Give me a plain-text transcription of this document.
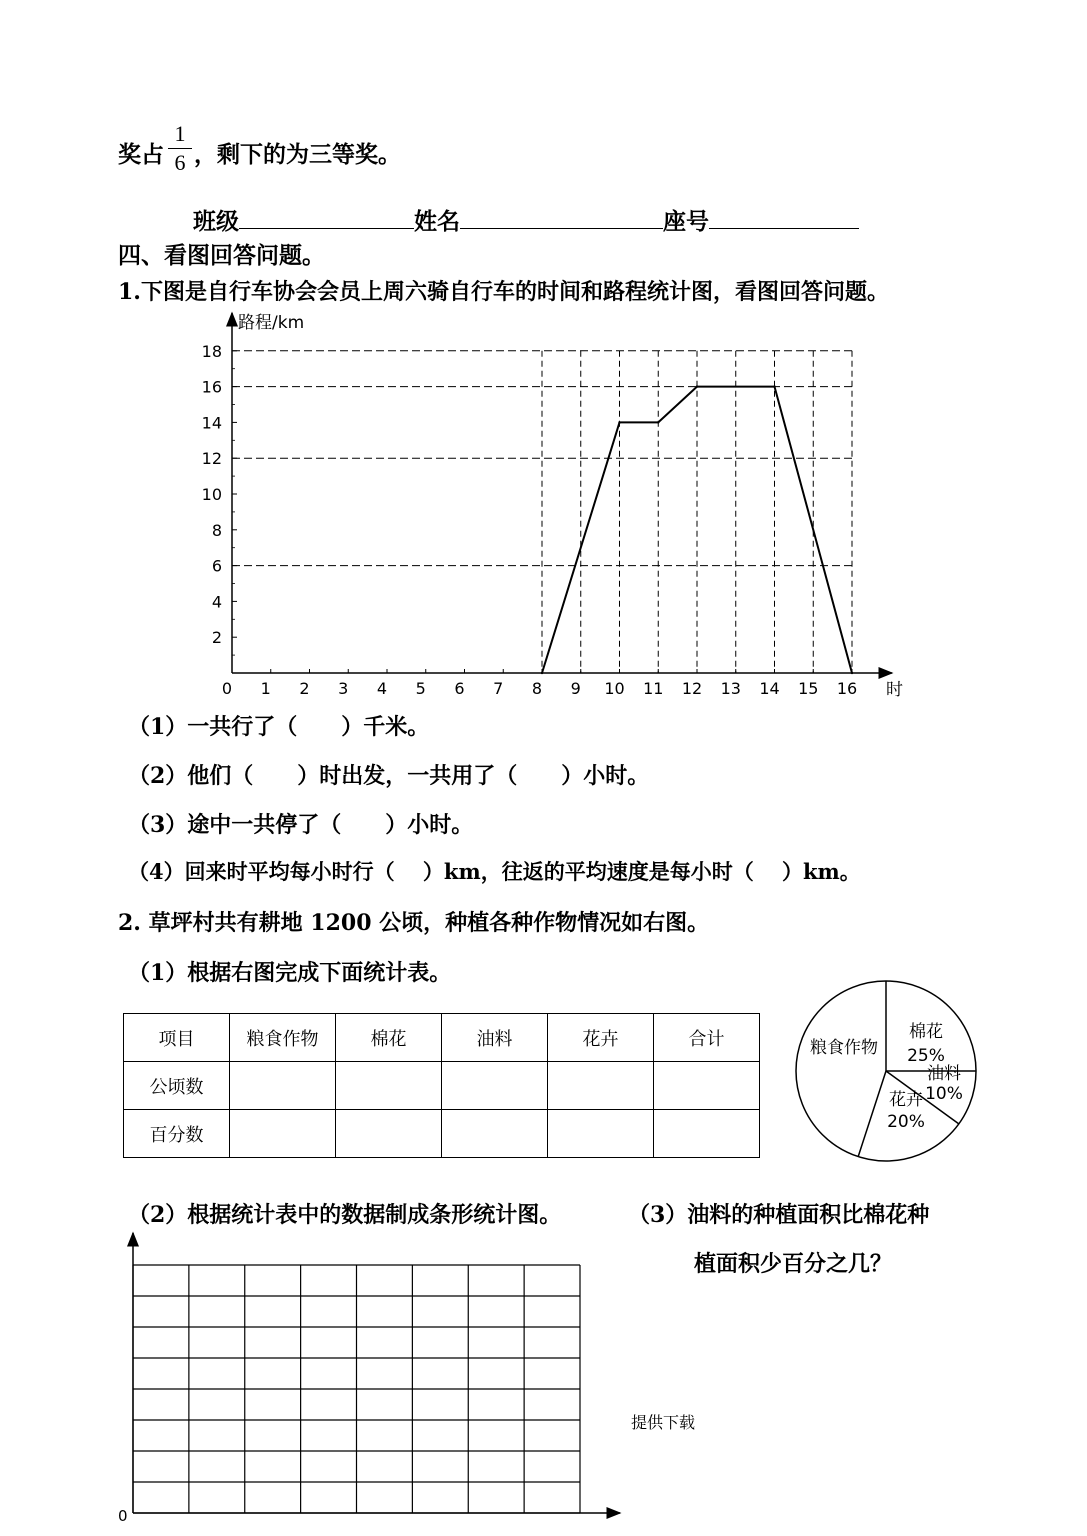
奖占
1
6 ，剩下的为三等奖。
班级	姓名	座号
四、看图回答问题。
1.下图是自行车协会会员上周六骑自行车的时间和路程统计图，看图回答问题。
2
4
6
8
10
12
14
16
18
0 1 2 3 4 5 6 7 8 9 10 11 12 13 14 15 16
路程/km
时
（1）一共行了（　　）千米。
（2）他们（　　）时出发，一共用了（　　）小时。
（3）途中一共停了（　　）小时。
（4）回来时平均每小时行（　 ）km，往返的平均速度是每小时（　 ）km。
2. 草坪村共有耕地 1200 公顷，种植各种作物情况如右图。
（1）根据右图完成下面统计表。
项目	粮食作物	棉花	油料	花卉	合计
公顷数					
百分数					
棉花
25%
油料
10%
花卉
20%
粮食作物
（2）根据统计表中的数据制成条形统计图。	（3）油料的种植面积比棉花种
植面积少百分之几？
0
提供下载
